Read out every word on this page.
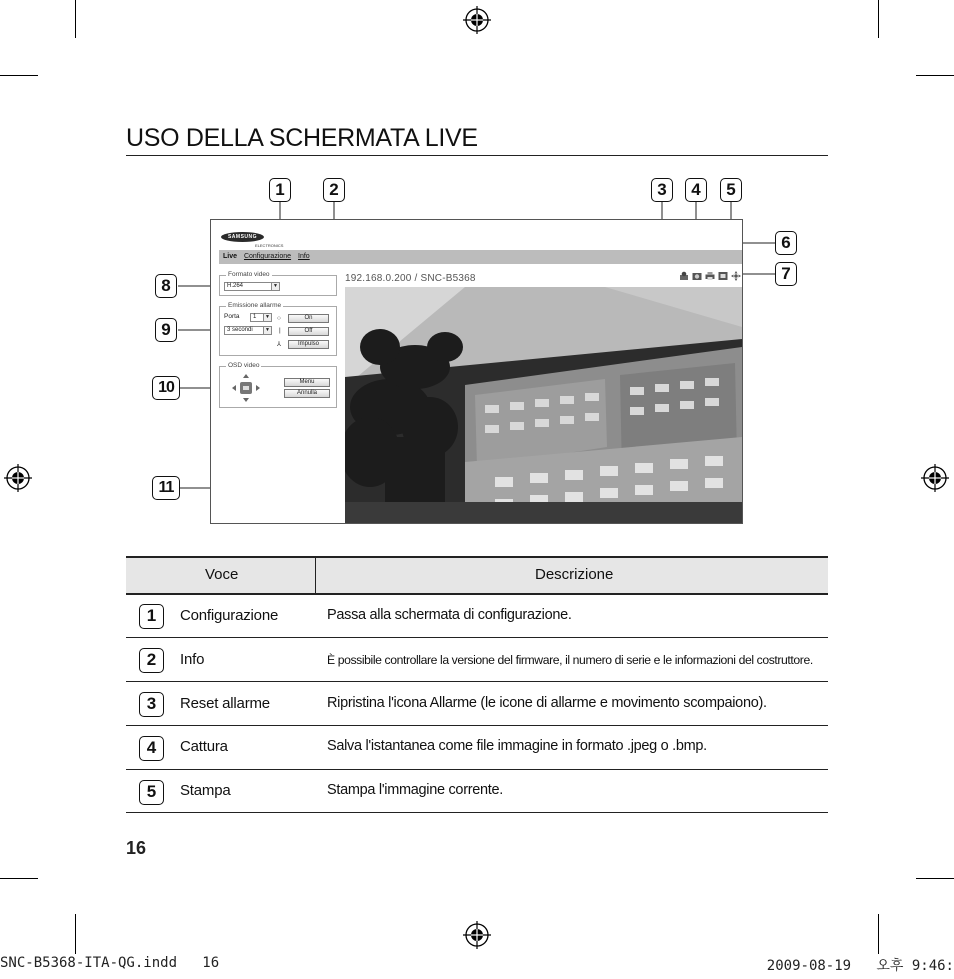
USO DELLA SCHERMATA LIVE
1	2	3	4	5
6
7
8
9
10
11
SAMSUNG
ELECTRONICS
Live Configurazione Info
Formato video
H.264	▼
Emissione allarme
Porta	1	▼
3 secondi	▼
○
|
⅄
On
Off
Impulso
OSD video
Menu
Annulla
192.168.0.200 / SNC-B5368
Voce	Descrizione
1	Configurazione	Passa alla schermata di configurazione.
2	Info	È possibile controllare la versione del firmware, il numero di serie e le informazioni del costruttore.
3	Reset allarme	Ripristina l'icona Allarme (le icone di allarme e movimento scompaiono).
4	Cattura	Salva l'istantanea come file immagine in formato .jpeg o .bmp.
5	Stampa	Stampa l'immagine corrente.
16
SNC-B5368-ITA-QG.indd   16	2009-08-19   오후 9:46:
